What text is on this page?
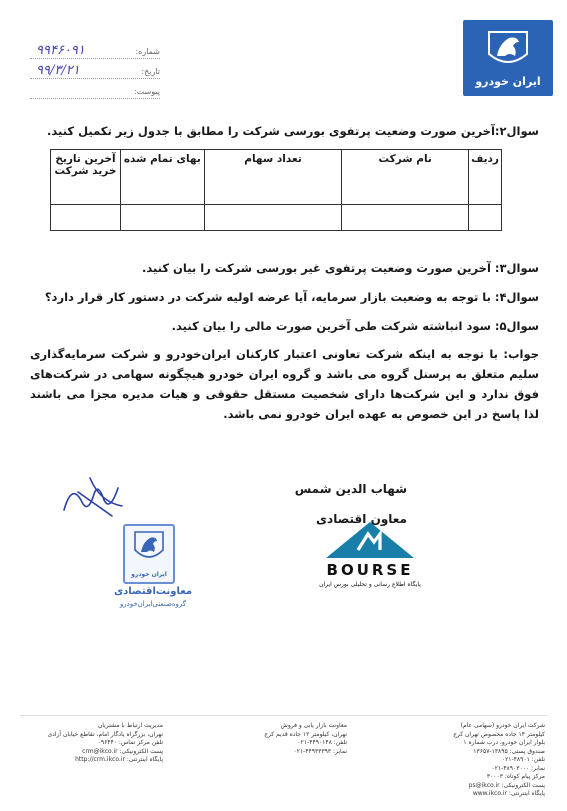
ایران خودرو
شماره:
۹۹۴۶۰۹۱
تاریخ:
۹۹/۳/۲۱
پیوست:
سوال۲:آخرین صورت وضعیت پرتفوی بورسی شرکت را مطابق با جدول زیر تکمیل کنید.
ردیف	نام شرکت	تعداد سهام	بهای تمام شده	آخرین تاریخ خرید شرکت

سوال۳: آخرین صورت وضعیت پرتفوی غیر بورسی شرکت را بیان کنید.
سوال۴: با توجه به وضعیت بازار سرمایه، آیا عرضه اولیه شرکت در دستور کار قرار دارد؟
سوال۵: سود انباشته شرکت طی آخرین صورت مالی را بیان کنید.
جواب: با توجه به اینکه شرکت تعاونی اعتبار کارکنان ایران‌خودرو و شرکت سرمایه‌گذاری سلیم متعلق به پرسنل گروه می باشد و گروه ایران خودرو هیچگونه سهامی در شرکت‌های فوق ندارد و این شرکت‌ها دارای شخصیت مستقل حقوقی و هیات مدیره مجزا می باشند لذا پاسخ در این خصوص به عهده ایران خودرو نمی باشد.
شهاب الدین شمس
معاون اقتصادی
ایران خودرو
معاونت‌اقتصادی
گروه‌صنعتی‌ایران‌خودرو
BOURSE
پایگاه اطلاع رسانی و تحلیلی بورس ایران
شرکت ایران خودرو (سهامی عام)
کیلومتر ۱۴ جاده مخصوص تهران کرج
بلوار ایران خودرو، درب شماره ۱
صندوق پستی: ۱۳۸۹۵-۱۳۶۵۷
تلفن: ۴۸۹۰۱-۰۲۱
نمابر: ۴۸۹۰۳۰۰۰-۰۲۱
مرکز پیام کوتاه: ۳۰۰۰۳
پست الکترونیکی: ps@ikco.ir
پایگاه اینترنتی: www.ikco.ir
معاونت بازار یابی و فروش
تهران، کیلومتر ۱۲ جاده قدیم کرج
تلفن: ۴۴۹۰۱۴۸-۰۲۱
نمابر: ۴۴۹۳۳۳۹۳-۰۲۱
مدیریت ارتباط با مشتریان
تهران، بزرگراه یادگار امام، تقاطع خیابان آزادی
تلفن مرکز تماس: ۰۹۶۴۴۰
پست الکترونیکی: crm@ikco.ir
پایگاه اینترنتی: http://crm.ikco.ir
